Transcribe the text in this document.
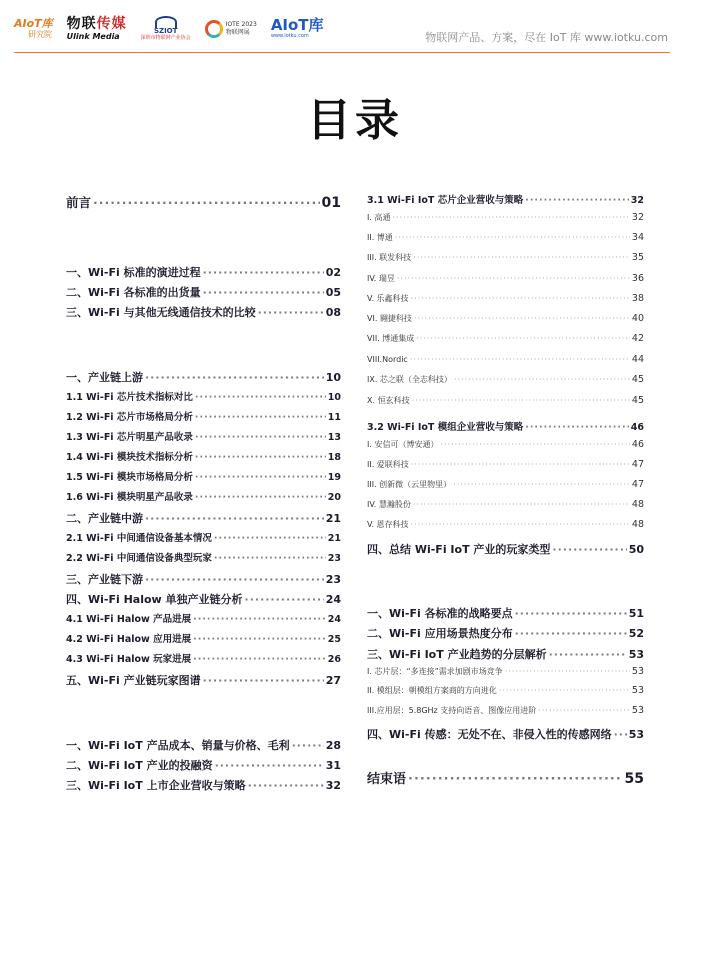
AIoT库
研究院
物联传媒
Ulink Media
SZIOT
深圳市物联网产业协会
IOTE 2023
物联网展	AIoT库
www.iotku.com	物联网产品、方案，尽在 IoT 库 www.iotku.com
目录
前言 ·····	01
一、Wi-Fi 标准的演进过程 ·····	02
二、Wi-Fi 各标准的出货量 ·····	05
三、Wi-Fi 与其他无线通信技术的比较 ·····	08
一、产业链上游 ·····	10
1.1 Wi-Fi 芯片技术指标对比 ·····	10
1.2 Wi-Fi 芯片市场格局分析 ·····	11
1.3 Wi-Fi 芯片明星产品收录 ·····	13
1.4 Wi-Fi 模块技术指标分析 ·····	18
1.5 Wi-Fi 模块市场格局分析 ·····	19
1.6 Wi-Fi 模块明星产品收录 ·····	20
二、产业链中游 ·····	21
2.1 Wi-Fi 中间通信设备基本情况 ·····	21
2.2 Wi-Fi 中间通信设备典型玩家 ·····	23
三、产业链下游 ·····	23
四、Wi-Fi Halow 单独产业链分析 ·····	24
4.1 Wi-Fi Halow 产品进展 ·····	24
4.2 Wi-Fi Halow 应用进展 ·····	25
4.3 Wi-Fi Halow 玩家进展 ·····	26
五、Wi-Fi 产业链玩家图谱 ·····	27
一、Wi-Fi IoT 产品成本、销量与价格、毛利 ·····	28
二、Wi-Fi IoT 产业的投融资 ·····	31
三、Wi-Fi IoT 上市企业营收与策略 ·····	32
3.1 Wi-Fi IoT 芯片企业营收与策略 ·····	32
I. 高通 ·····	32
II. 博通 ·····	34
III. 联发科技 ·····	35
IV. 瑞昱 ·····	36
V. 乐鑫科技 ·····	38
VI. 翱捷科技 ·····	40
VII. 博通集成 ·····	42
VIII.Nordic ·····	44
IX. 芯之联（全志科技） ·····	45
X. 恒玄科技 ·····	45
3.2 Wi-Fi IoT 模组企业营收与策略 ·····	46
I. 安信可（博安通） ·····	46
II. 爱联科技 ·····	47
III. 创新微（云里物里） ·····	47
IV. 慧瀚股份 ·····	48
V. 恩存科技 ·····	48
四、总结 Wi-Fi IoT 产业的玩家类型 ·····	50
一、Wi-Fi 各标准的战略要点 ·····	51
二、Wi-Fi 应用场景热度分布 ·····	52
三、Wi-Fi IoT 产业趋势的分层解析 ·····	53
I. 芯片层：“多连接”需求加剧市场竞争 ·····	53
II. 模组层：朝模组方案商的方向进化 ·····	53
III.应用层：5.8GHz 支持向语音、图像应用进阶 ·····	53
四、Wi-Fi 传感：无处不在、非侵入性的传感网络 ····· 53
结束语 ·····	55
